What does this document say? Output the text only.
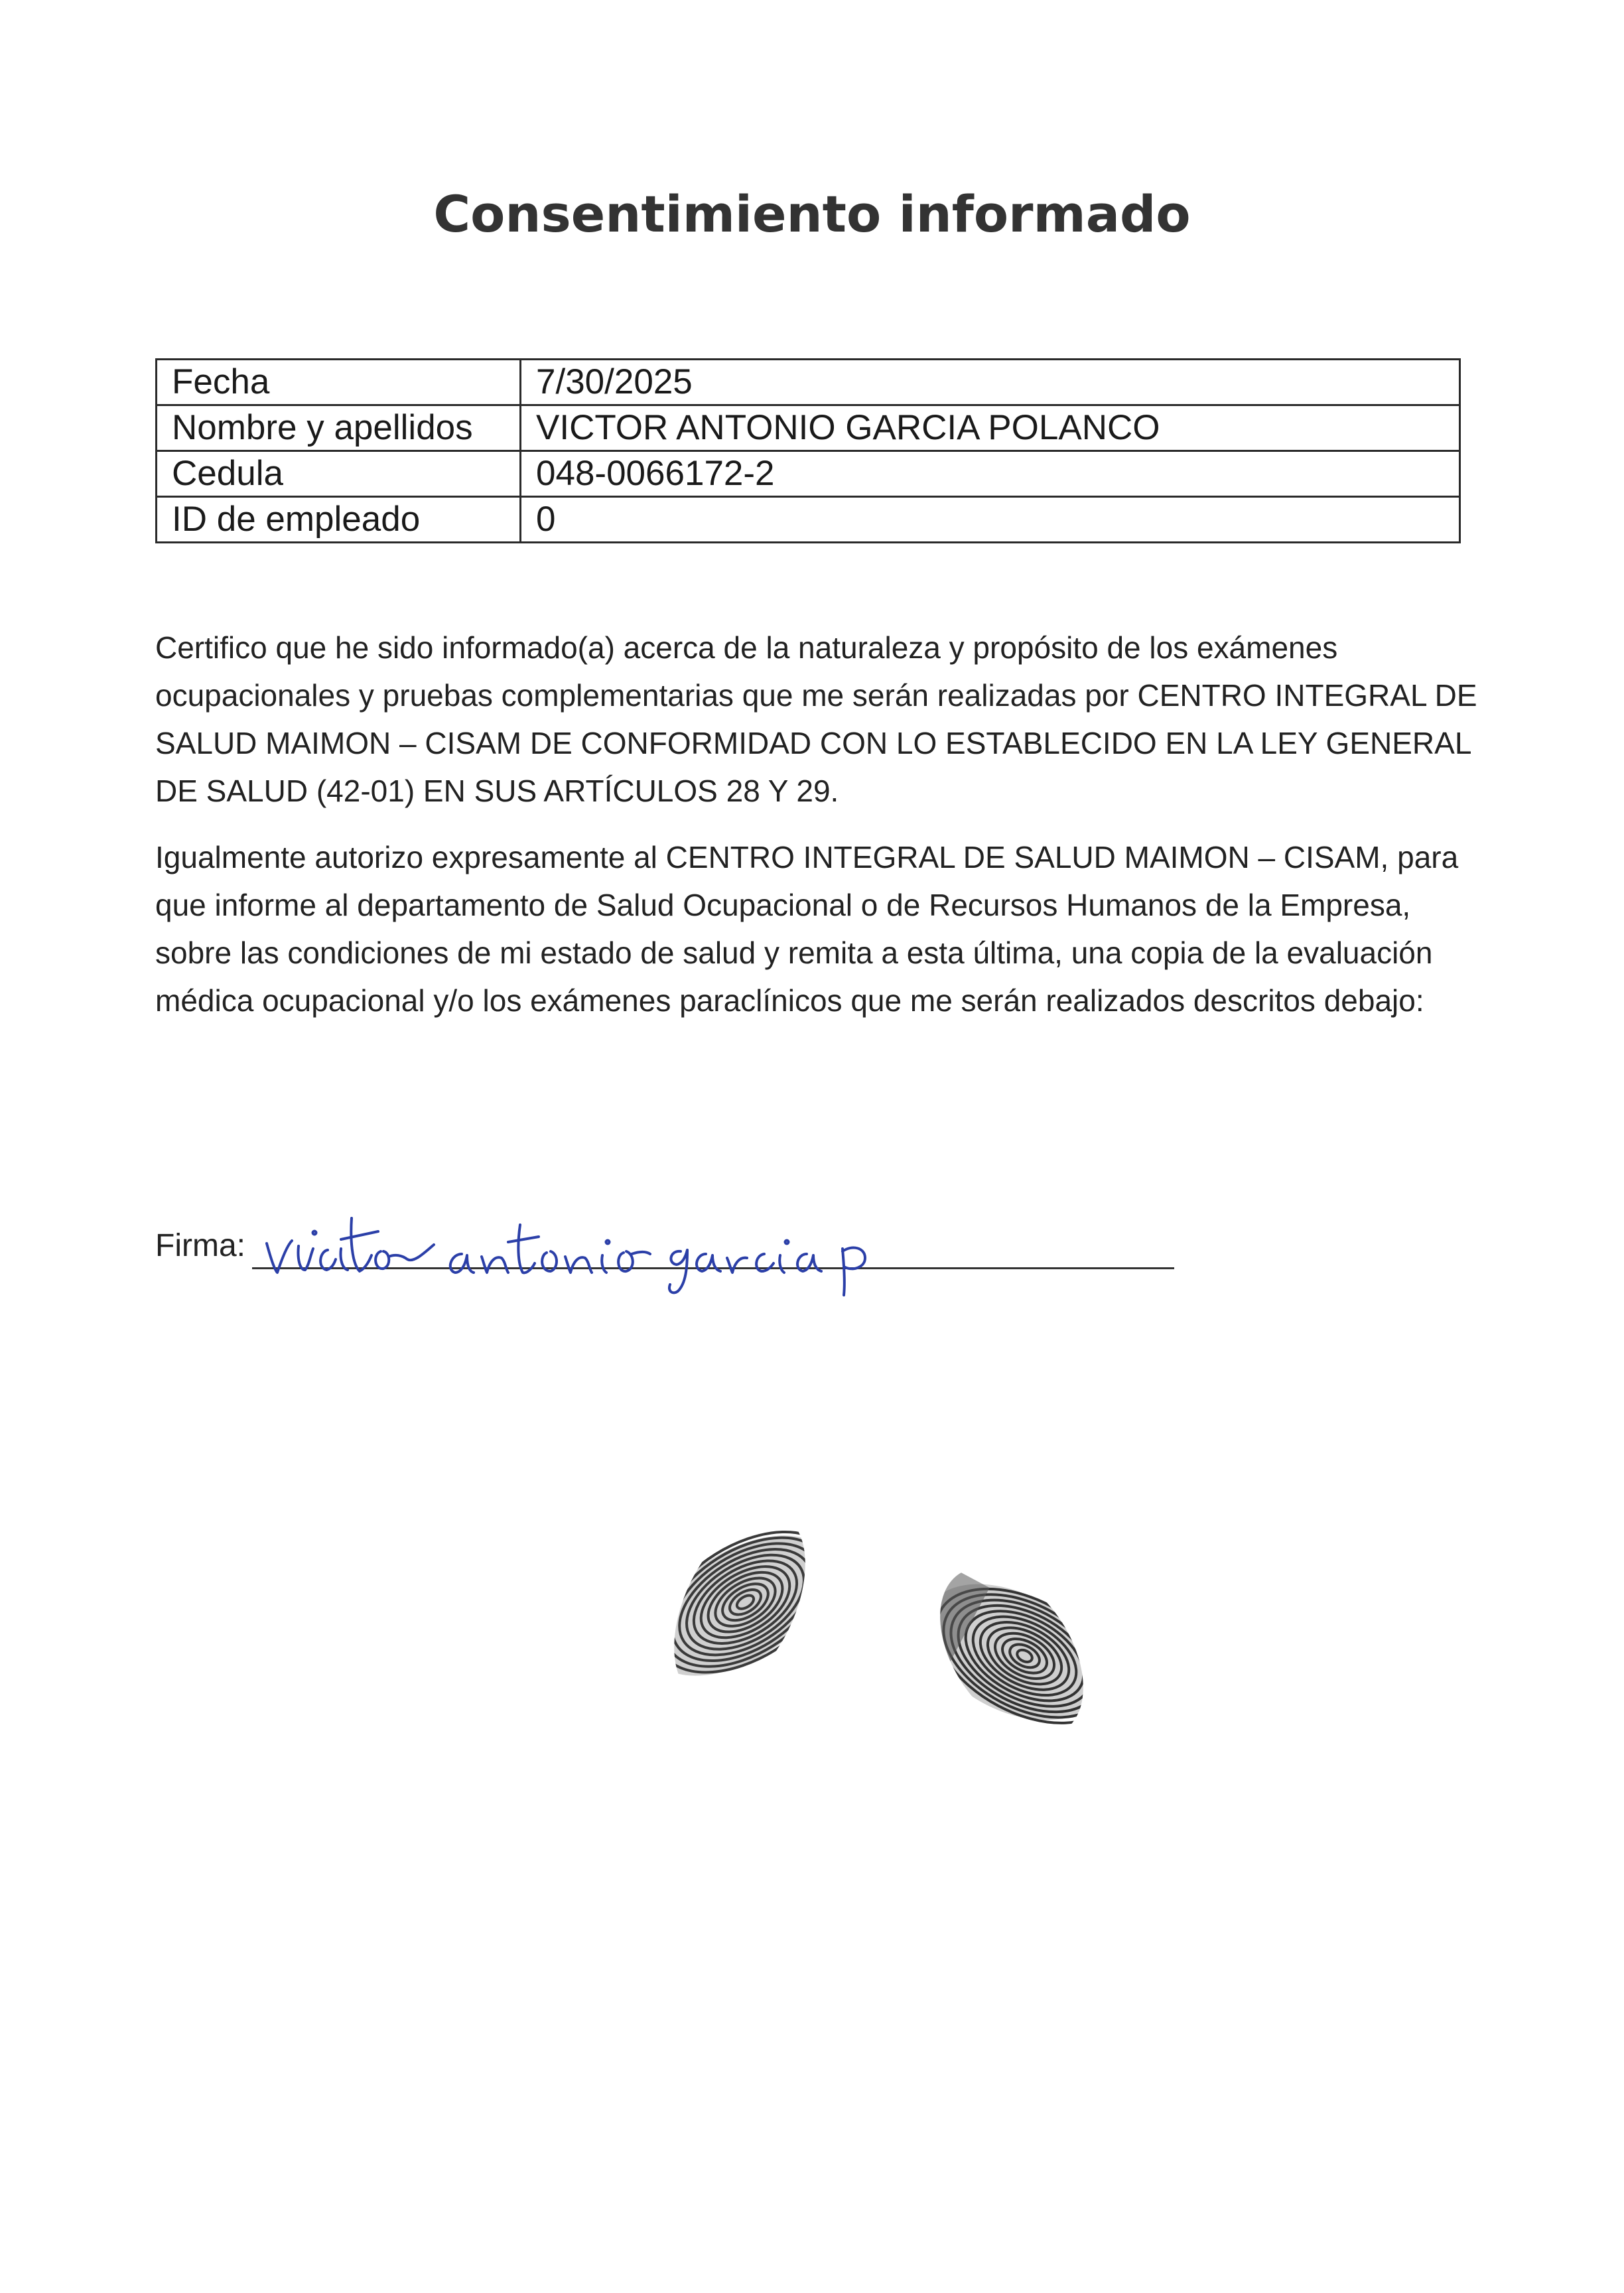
Consentimiento informado
Fecha	7/30/2025
Nombre y apellidos	VICTOR ANTONIO GARCIA POLANCO
Cedula	048-0066172-2
ID de empleado	0
Certifico que he sido informado(a) acerca de la naturaleza y propósito de los exámenes ocupacionales y pruebas complementarias que me serán realizadas por CENTRO INTEGRAL DE SALUD MAIMON – CISAM DE CONFORMIDAD CON LO ESTABLECIDO EN LA LEY GENERAL DE SALUD (42-01) EN SUS ARTÍCULOS 28 Y 29.
Igualmente autorizo expresamente al CENTRO INTEGRAL DE SALUD MAIMON – CISAM, para que informe al departamento de Salud Ocupacional o de Recursos Humanos de la Empresa, sobre las condiciones de mi estado de salud y remita a esta última, una copia de la evaluación médica ocupacional y/o los exámenes paraclínicos que me serán realizados descritos debajo:
Firma:
